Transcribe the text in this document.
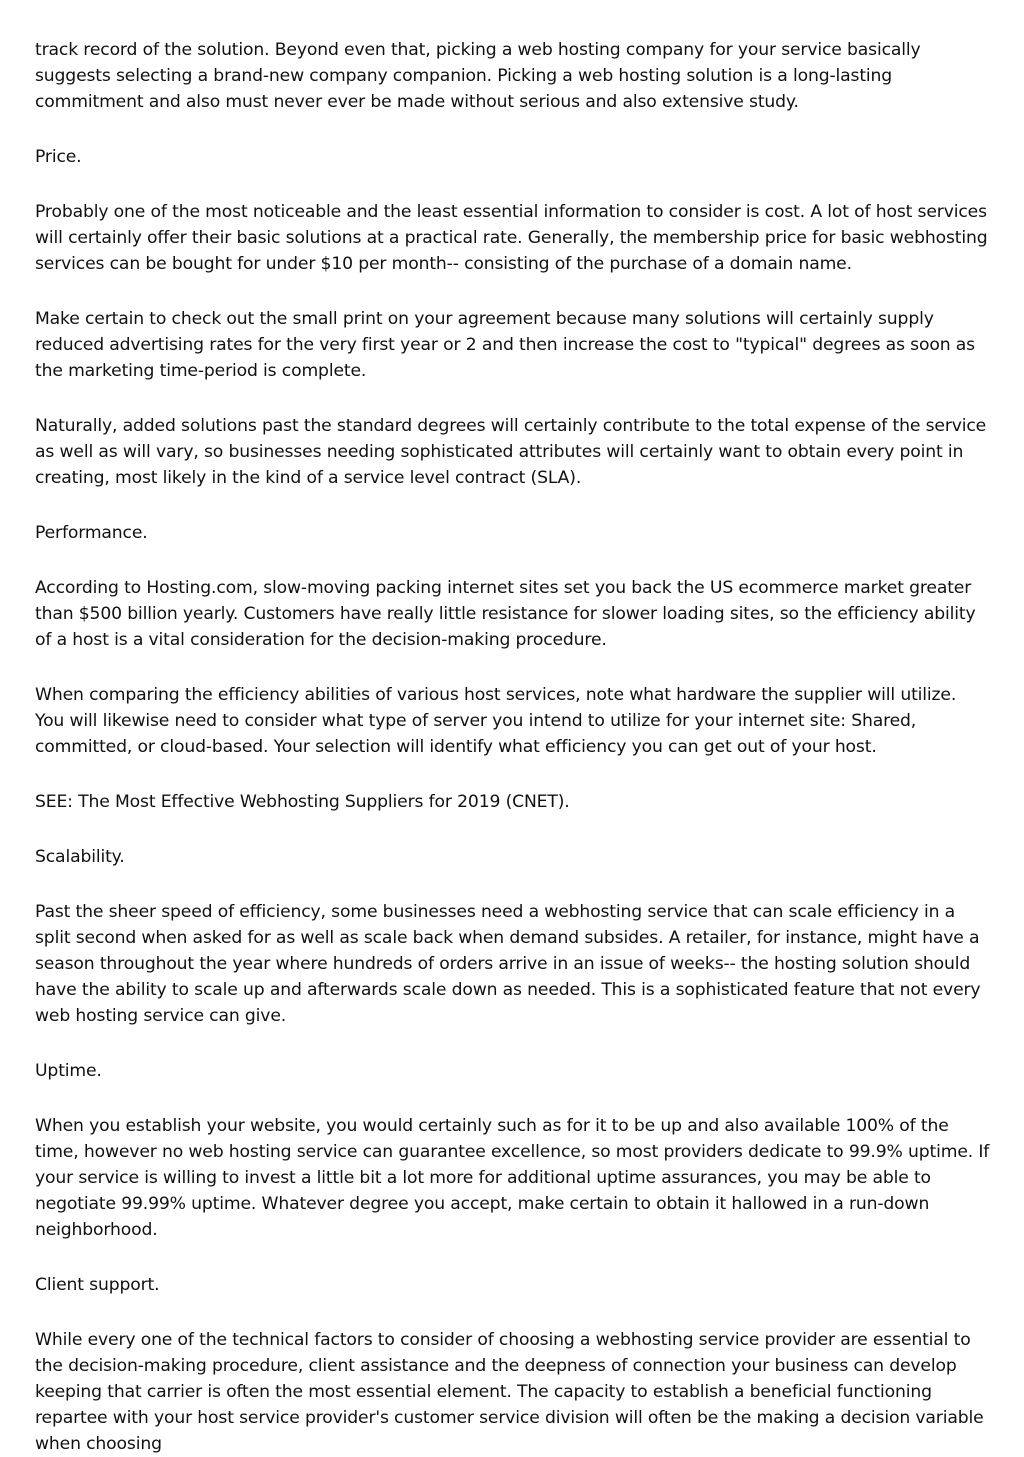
track record of the solution. Beyond even that, picking a web hosting company for your service basically suggests selecting a brand-new company companion. Picking a web hosting solution is a long-lasting commitment and also must never ever be made without serious and also extensive study.

Price.

Probably one of the most noticeable and the least essential information to consider is cost. A lot of host services will certainly offer their basic solutions at a practical rate. Generally, the membership price for basic webhosting services can be bought for under $10 per month-- consisting of the purchase of a domain name.

Make certain to check out the small print on your agreement because many solutions will certainly supply reduced advertising rates for the very first year or 2 and then increase the cost to "typical" degrees as soon as the marketing time-period is complete.

Naturally, added solutions past the standard degrees will certainly contribute to the total expense of the service as well as will vary, so businesses needing sophisticated attributes will certainly want to obtain every point in creating, most likely in the kind of a service level contract (SLA).

Performance.

According to Hosting.com, slow-moving packing internet sites set you back the US ecommerce market greater than $500 billion yearly. Customers have really little resistance for slower loading sites, so the efficiency ability of a host is a vital consideration for the decision-making procedure.

When comparing the efficiency abilities of various host services, note what hardware the supplier will utilize. You will likewise need to consider what type of server you intend to utilize for your internet site: Shared, committed, or cloud-based. Your selection will identify what efficiency you can get out of your host.

SEE: The Most Effective Webhosting Suppliers for 2019 (CNET).

Scalability.

Past the sheer speed of efficiency, some businesses need a webhosting service that can scale efficiency in a split second when asked for as well as scale back when demand subsides. A retailer, for instance, might have a season throughout the year where hundreds of orders arrive in an issue of weeks-- the hosting solution should have the ability to scale up and afterwards scale down as needed. This is a sophisticated feature that not every web hosting service can give.

Uptime.

When you establish your website, you would certainly such as for it to be up and also available 100% of the time, however no web hosting service can guarantee excellence, so most providers dedicate to 99.9% uptime. If your service is willing to invest a little bit a lot more for additional uptime assurances, you may be able to negotiate 99.99% uptime. Whatever degree you accept, make certain to obtain it hallowed in a run-down neighborhood.

Client support.

While every one of the technical factors to consider of choosing a webhosting service provider are essential to the decision-making procedure, client assistance and the deepness of connection your business can develop keeping that carrier is often the most essential element. The capacity to establish a beneficial functioning repartee with your host service provider's customer service division will often be the making a decision variable when choosing
